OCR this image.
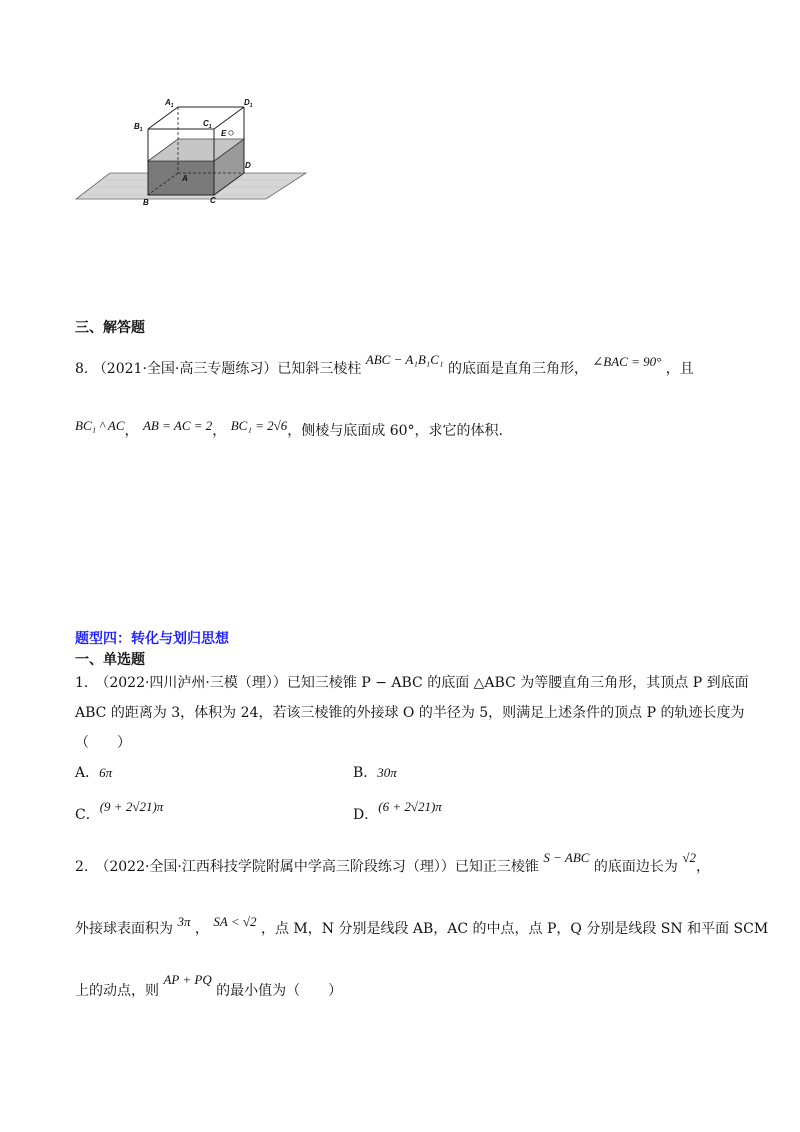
$A_1$	$D_1$
$B_1$
$C_1$
E
D
A
B	C
三、解答题
8. （2021·全国·高三专题练习）已知斜三棱柱 ABC − A₁B₁C₁ 的底面是直角三角形， ∠BAC = 90° ，且
BC₁ ^ AC， AB = AC = 2， BC₁ = 2√6，侧棱与底面成 60°，求它的体积.
题型四：转化与划归思想
一、单选题
1.　（2022·四川泸州·三模（理））已知三棱锥 P − ABC 的底面 △ABC 为等腰直角三角形，其顶点 P 到底面
ABC 的距离为 3，体积为 24，若该三棱锥的外接球 O 的半径为 5，则满足上述条件的顶点 P 的轨迹长度为
（　　）
A．6π	B．30π
C．(9 + 2√21)π
D．(6 + 2√21)π
2.　（2022·全国·江西科技学院附属中学高三阶段练习（理））已知正三棱锥 S − ABC 的底面边长为 √2，
外接球表面积为 3π ， SA < √2 ，点 M，N 分别是线段 AB，AC 的中点，点 P，Q 分别是线段 SN 和平面 SCM
上的动点，则 AP + PQ 的最小值为（　　）
